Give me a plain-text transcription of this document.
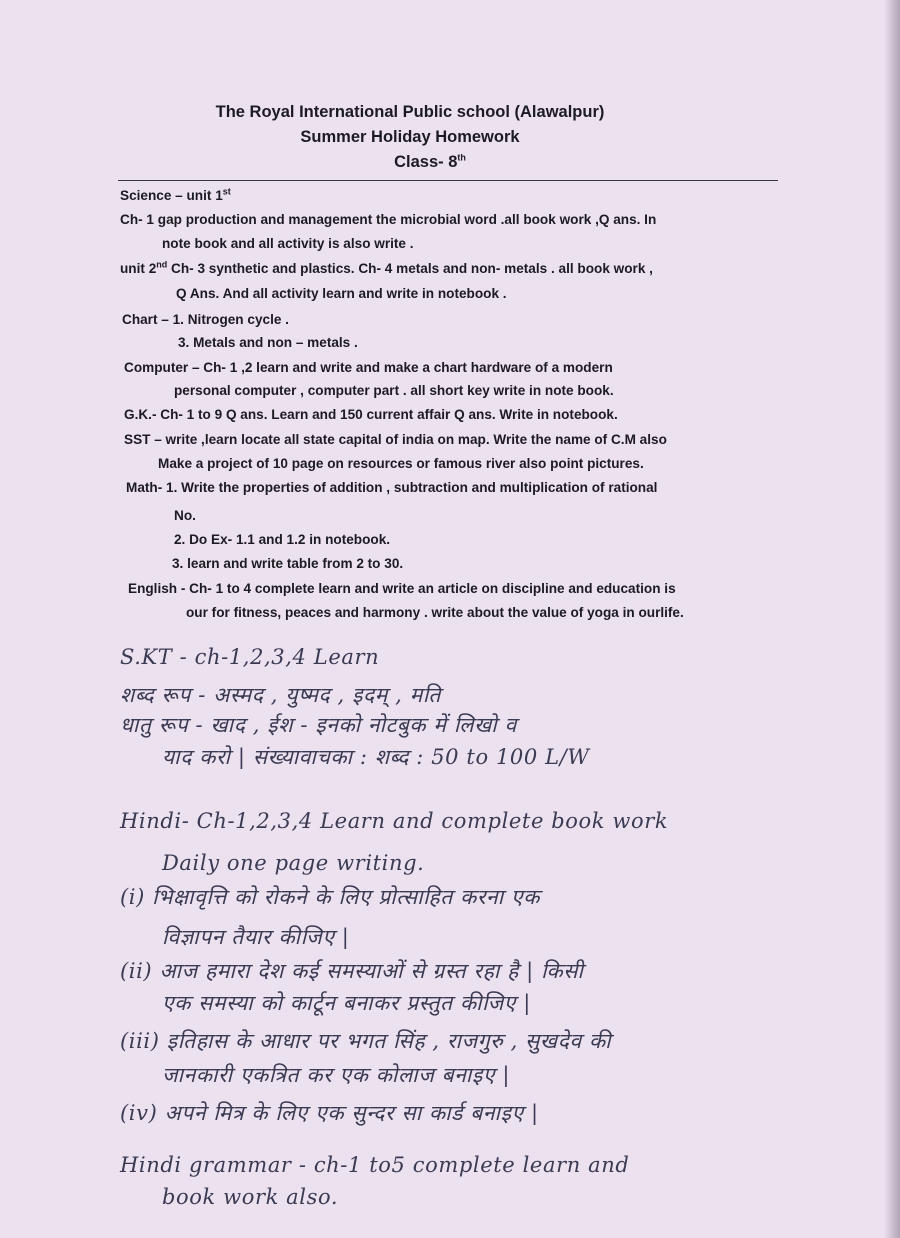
The Royal International Public school (Alawalpur)
Summer Holiday Homework
Class- 8th
Science – unit 1st
Ch- 1 gap production and management the microbial word .all book work ,Q ans. In
note book and all activity is also write .
unit 2nd Ch- 3 synthetic and plastics. Ch- 4 metals and non- metals . all book work ,
Q Ans. And all activity learn and write in notebook .
Chart – 1. Nitrogen cycle .
3. Metals and non – metals .
Computer – Ch- 1 ,2 learn and write and make a chart hardware of a modern
personal computer , computer part . all short key write in note book.
G.K.- Ch- 1 to 9 Q ans. Learn and 150 current affair Q ans. Write in notebook.
SST – write ,learn locate all state capital of india on map. Write the name of C.M also
Make a project of 10 page on resources or famous river also point pictures.
Math- 1. Write the properties of addition , subtraction and multiplication of rational
No.
2. Do Ex- 1.1 and 1.2 in notebook.
3. learn and write table from 2 to 30.
English - Ch- 1 to 4 complete learn and write an article on discipline and education is
our for fitness, peaces and harmony . write about the value of yoga in ourlife.
S.KT - ch-1,2,3,4 Learn
शब्द रूप - अस्मद , युष्मद , इदम् , मति
धातु रूप - खाद , ईश - इनको नोटबुक में लिखो व
याद करो | संख्यावाचका : शब्द : 50 to 100 L/W
Hindi- Ch-1,2,3,4 Learn and complete book work
Daily one page writing.
(i) भिक्षावृत्ति को रोकने के लिए प्रोत्साहित करना एक
विज्ञापन तैयार कीजिए |
(ii) आज हमारा देश कई समस्याओं से ग्रस्त रहा है | किसी
एक समस्या को कार्टून बनाकर प्रस्तुत कीजिए |
(iii) इतिहास के आधार पर भगत सिंह , राजगुरु , सुखदेव की
जानकारी एकत्रित कर एक कोलाज बनाइए |
(iv) अपने मित्र के लिए एक सुन्दर सा कार्ड बनाइए |
Hindi grammar - ch-1 to5 complete learn and
book work also.
